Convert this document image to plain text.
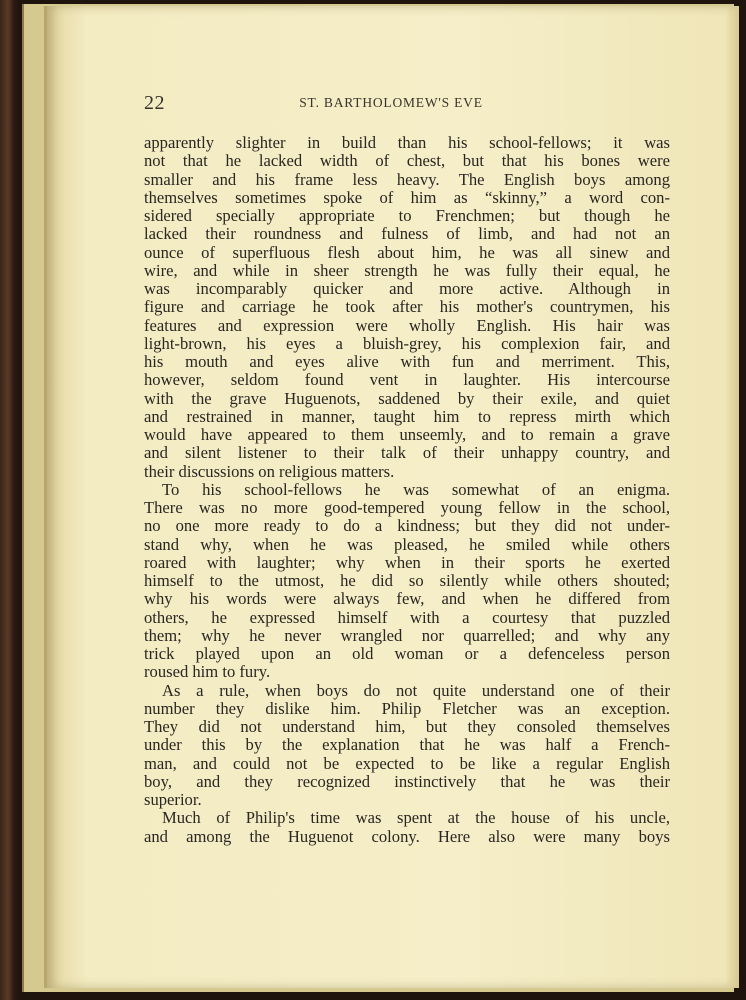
22	ST. BARTHOLOMEW'S EVE
apparently slighter in build than his school-fellows; it was
not that he lacked width of chest, but that his bones were
smaller and his frame less heavy. The English boys among
themselves sometimes spoke of him as “skinny,” a word con-
sidered specially appropriate to Frenchmen; but though he
lacked their roundness and fulness of limb, and had not an
ounce of superfluous flesh about him, he was all sinew and
wire, and while in sheer strength he was fully their equal, he
was incomparably quicker and more active. Although in
figure and carriage he took after his mother's countrymen, his
features and expression were wholly English. His hair was
light-brown, his eyes a bluish-grey, his complexion fair, and
his mouth and eyes alive with fun and merriment. This,
however, seldom found vent in laughter. His intercourse
with the grave Huguenots, saddened by their exile, and quiet
and restrained in manner, taught him to repress mirth which
would have appeared to them unseemly, and to remain a grave
and silent listener to their talk of their unhappy country, and
their discussions on religious matters.
To his school-fellows he was somewhat of an enigma.
There was no more good-tempered young fellow in the school,
no one more ready to do a kindness; but they did not under-
stand why, when he was pleased, he smiled while others
roared with laughter; why when in their sports he exerted
himself to the utmost, he did so silently while others shouted;
why his words were always few, and when he differed from
others, he expressed himself with a courtesy that puzzled
them; why he never wrangled nor quarrelled; and why any
trick played upon an old woman or a defenceless person
roused him to fury.
As a rule, when boys do not quite understand one of their
number they dislike him. Philip Fletcher was an exception.
They did not understand him, but they consoled themselves
under this by the explanation that he was half a French-
man, and could not be expected to be like a regular English
boy, and they recognized instinctively that he was their
superior.
Much of Philip's time was spent at the house of his uncle,
and among the Huguenot colony. Here also were many boys
